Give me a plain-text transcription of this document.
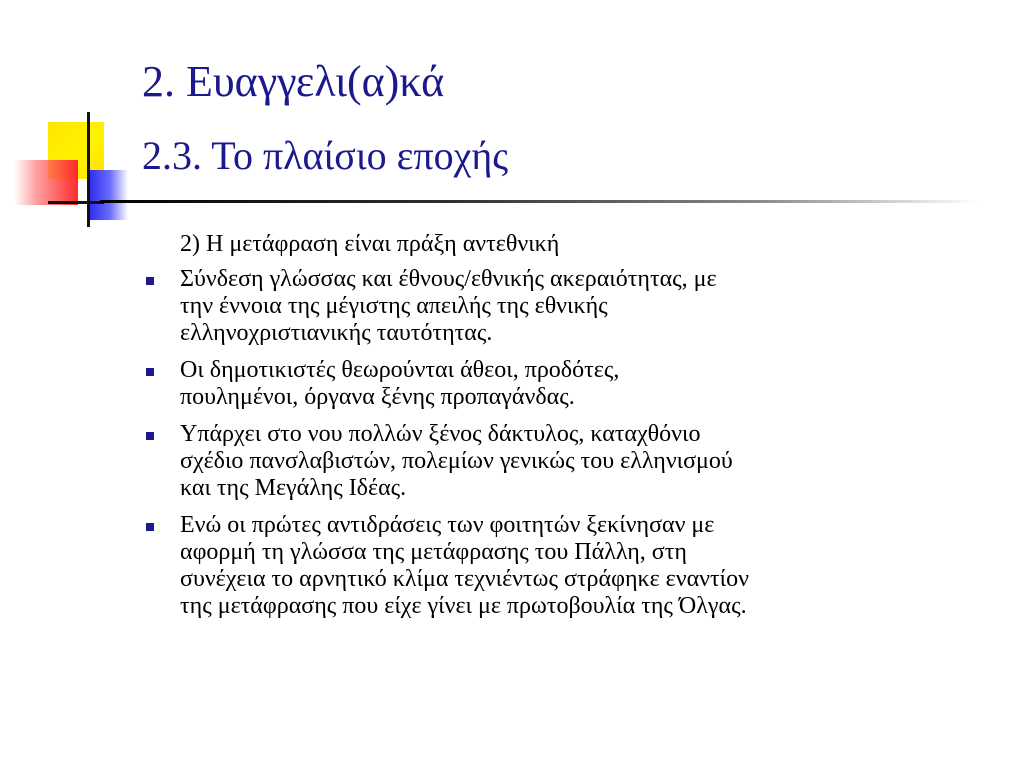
2. Ευαγγελι(α)κά
2.3. Το πλαίσιο εποχής

2) Η μετάφραση είναι πράξη αντεθνική

Σύνδεση γλώσσας και έθνους/εθνικής ακεραιότητας, με
την έννοια της μέγιστης απειλής της εθνικής
ελληνοχριστιανικής ταυτότητας.
Οι δημοτικιστές θεωρούνται άθεοι, προδότες,
πουλημένοι, όργανα ξένης προπαγάνδας.
Υπάρχει στο νου πολλών ξένος δάκτυλος, καταχθόνιο
σχέδιο πανσλαβιστών, πολεμίων γενικώς του ελληνισμού
και της Μεγάλης Ιδέας.
Ενώ οι πρώτες αντιδράσεις των φοιτητών ξεκίνησαν με
αφορμή τη γλώσσα της μετάφρασης του Πάλλη, στη
συνέχεια το αρνητικό κλίμα τεχνιέντως στράφηκε εναντίον
της μετάφρασης που είχε γίνει με πρωτοβουλία της Όλγας.
